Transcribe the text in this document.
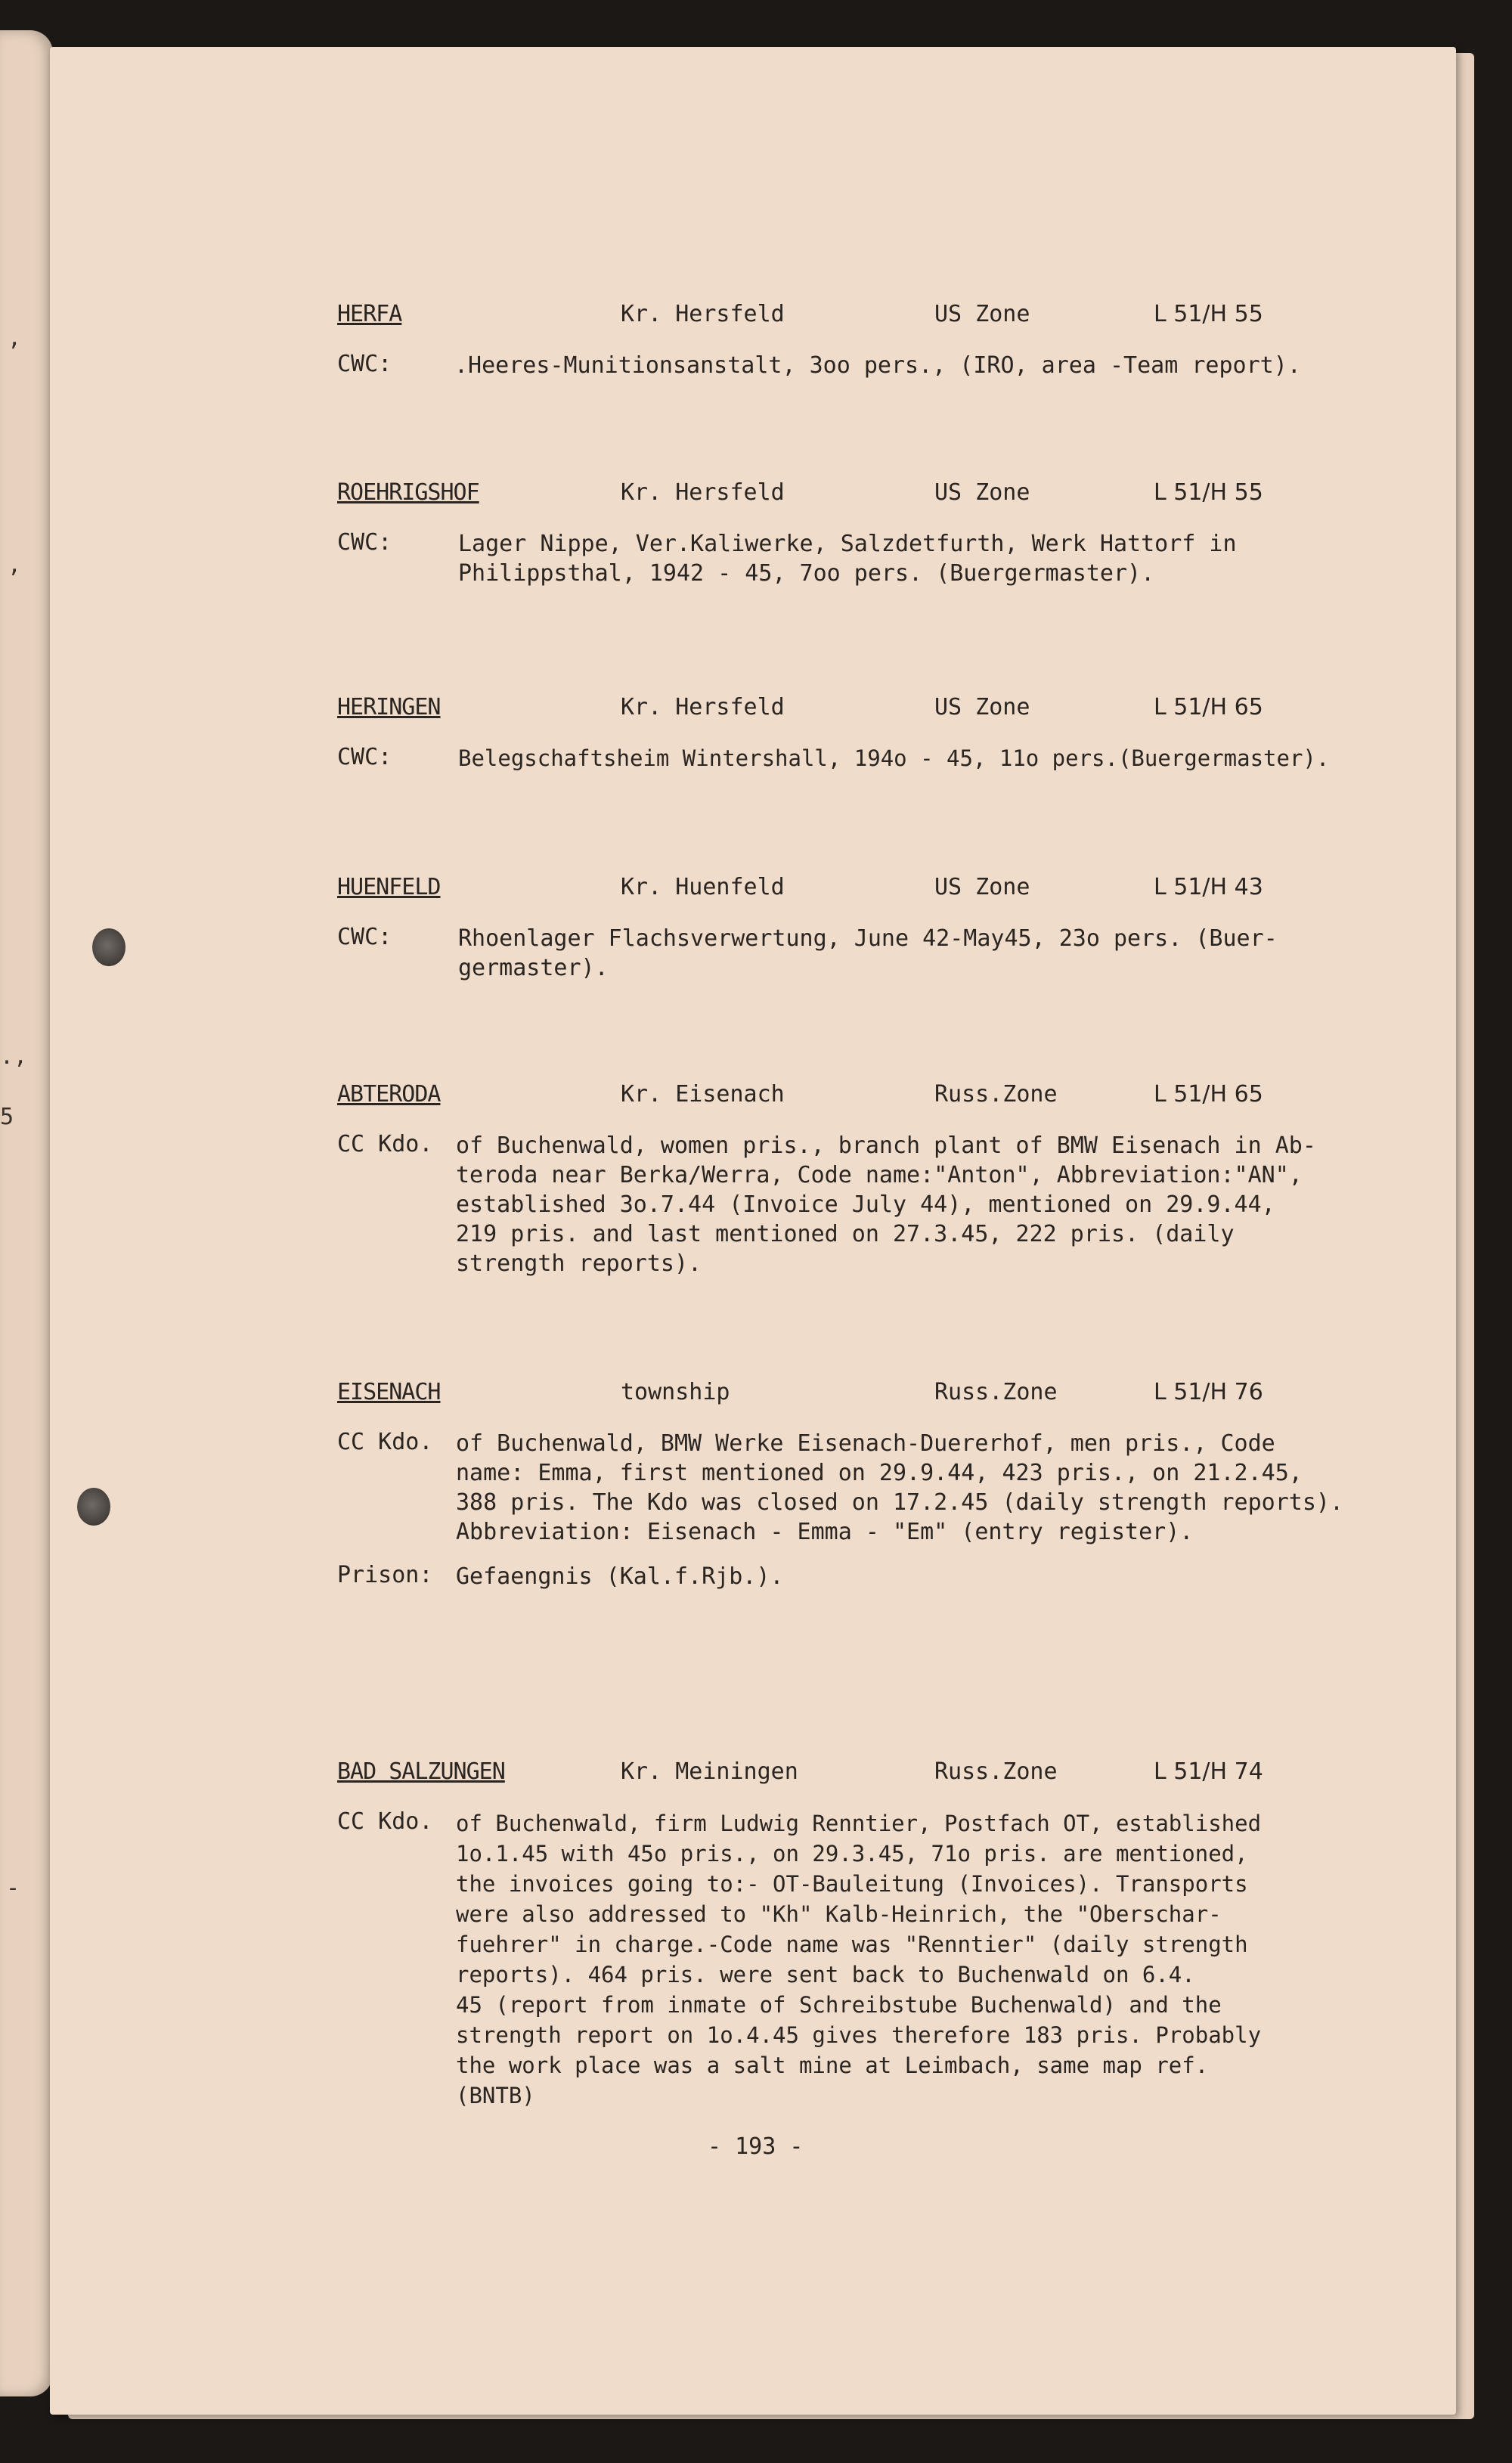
,
,
.,
5
-
HERFA	Kr. Hersfeld	US Zone	L 51/H 55
CWC:	.Heeres-Munitionsanstalt, 3oo pers., (IRO, area -Team report).
ROEHRIGSHOF	Kr. Hersfeld	US Zone	L 51/H 55
CWC:	Lager Nippe, Ver.Kaliwerke, Salzdetfurth, Werk Hattorf in
Philippsthal, 1942 - 45, 7oo pers. (Buergermaster).
HERINGEN	Kr. Hersfeld	US Zone	L 51/H 65
CWC:	Belegschaftsheim Wintershall, 194o - 45, 11o pers.(Buergermaster).
HUENFELD	Kr. Huenfeld	US Zone	L 51/H 43
CWC:	Rhoenlager Flachsverwertung, June 42-May45, 23o pers. (Buer-
germaster).
ABTERODA	Kr. Eisenach	Russ.Zone	L 51/H 65
CC Kdo. of Buchenwald, women pris., branch plant of BMW Eisenach in Ab-
teroda near Berka/Werra, Code name:"Anton", Abbreviation:"AN",
established 3o.7.44 (Invoice July 44), mentioned on 29.9.44,
219 pris. and last mentioned on 27.3.45, 222 pris. (daily
strength reports).
EISENACH	township	Russ.Zone	L 51/H 76
CC Kdo. of Buchenwald, BMW Werke Eisenach-Duererhof, men pris., Code
name: Emma, first mentioned on 29.9.44, 423 pris., on 21.2.45,
388 pris. The Kdo was closed on 17.2.45 (daily strength reports).
Abbreviation: Eisenach - Emma - "Em" (entry register).
Prison: Gefaengnis (Kal.f.Rjb.).
BAD SALZUNGEN	Kr. Meiningen	Russ.Zone	L 51/H 74
CC Kdo. of Buchenwald, firm Ludwig Renntier, Postfach OT, established
1o.1.45 with 45o pris., on 29.3.45, 71o pris. are mentioned,
the invoices going to:- OT-Bauleitung (Invoices). Transports
were also addressed to "Kh" Kalb-Heinrich, the "Oberschar-
fuehrer" in charge.-Code name was "Renntier" (daily strength
reports). 464 pris. were sent back to Buchenwald on 6.4.
45 (report from inmate of Schreibstube Buchenwald) and the
strength report on 1o.4.45 gives therefore 183 pris. Probably
the work place was a salt mine at Leimbach, same map ref.
(BNTB)
- 193 -
